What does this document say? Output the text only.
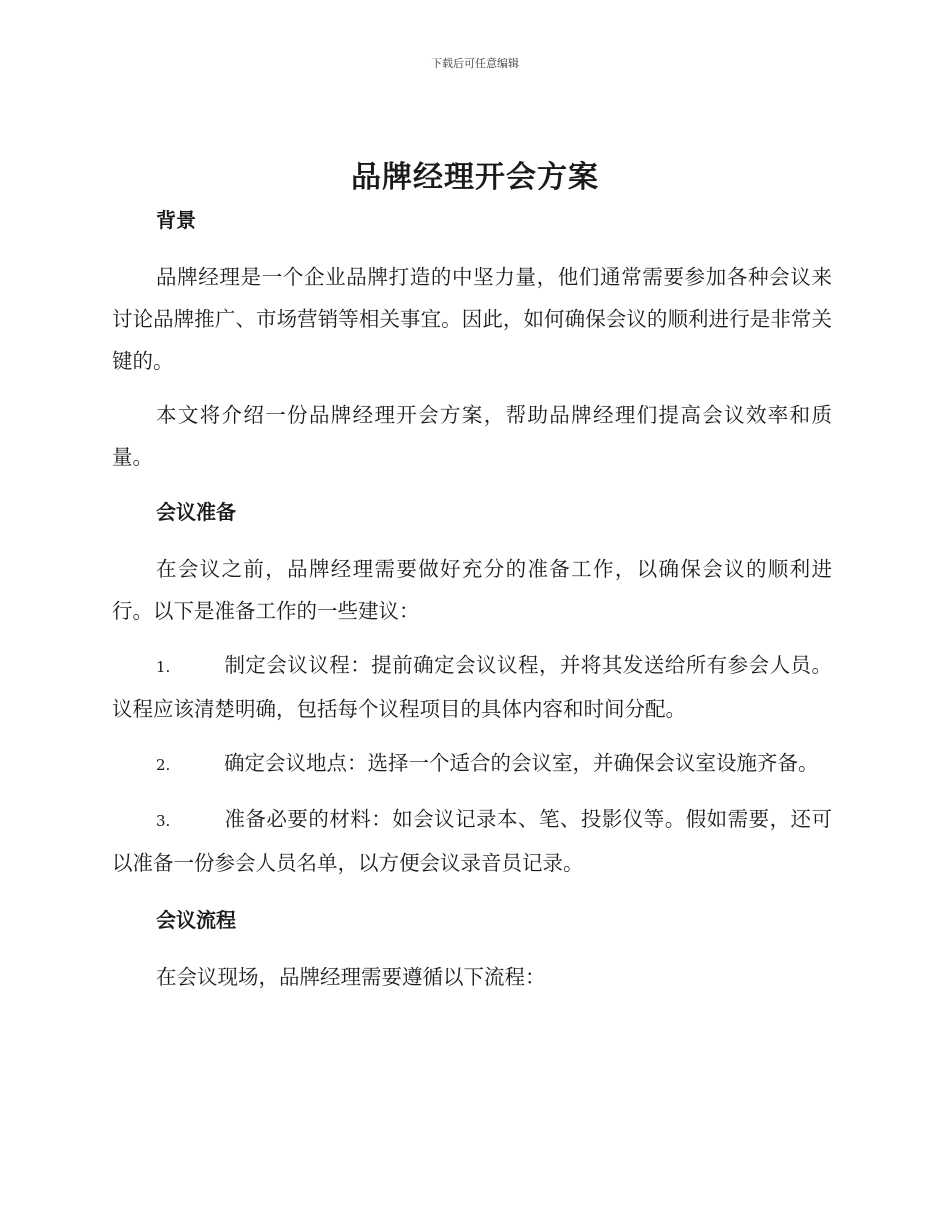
下载后可任意编辑
品牌经理开会方案
背景

品牌经理是一个企业品牌打造的中坚力量，他们通常需要参加各种会议来讨论品牌推广、市场营销等相关事宜。因此，如何确保会议的顺利进行是非常关键的。

本文将介绍一份品牌经理开会方案，帮助品牌经理们提高会议效率和质量。

会议准备

在会议之前，品牌经理需要做好充分的准备工作，以确保会议的顺利进行。以下是准备工作的一些建议：

1.	制定会议议程：提前确定会议议程，并将其发送给所有参会人员。议程应该清楚明确，包括每个议程项目的具体内容和时间分配。

2.	确定会议地点：选择一个适合的会议室，并确保会议室设施齐备。

3.	准备必要的材料：如会议记录本、笔、投影仪等。假如需要，还可以准备一份参会人员名单，以方便会议录音员记录。

会议流程

在会议现场，品牌经理需要遵循以下流程：
